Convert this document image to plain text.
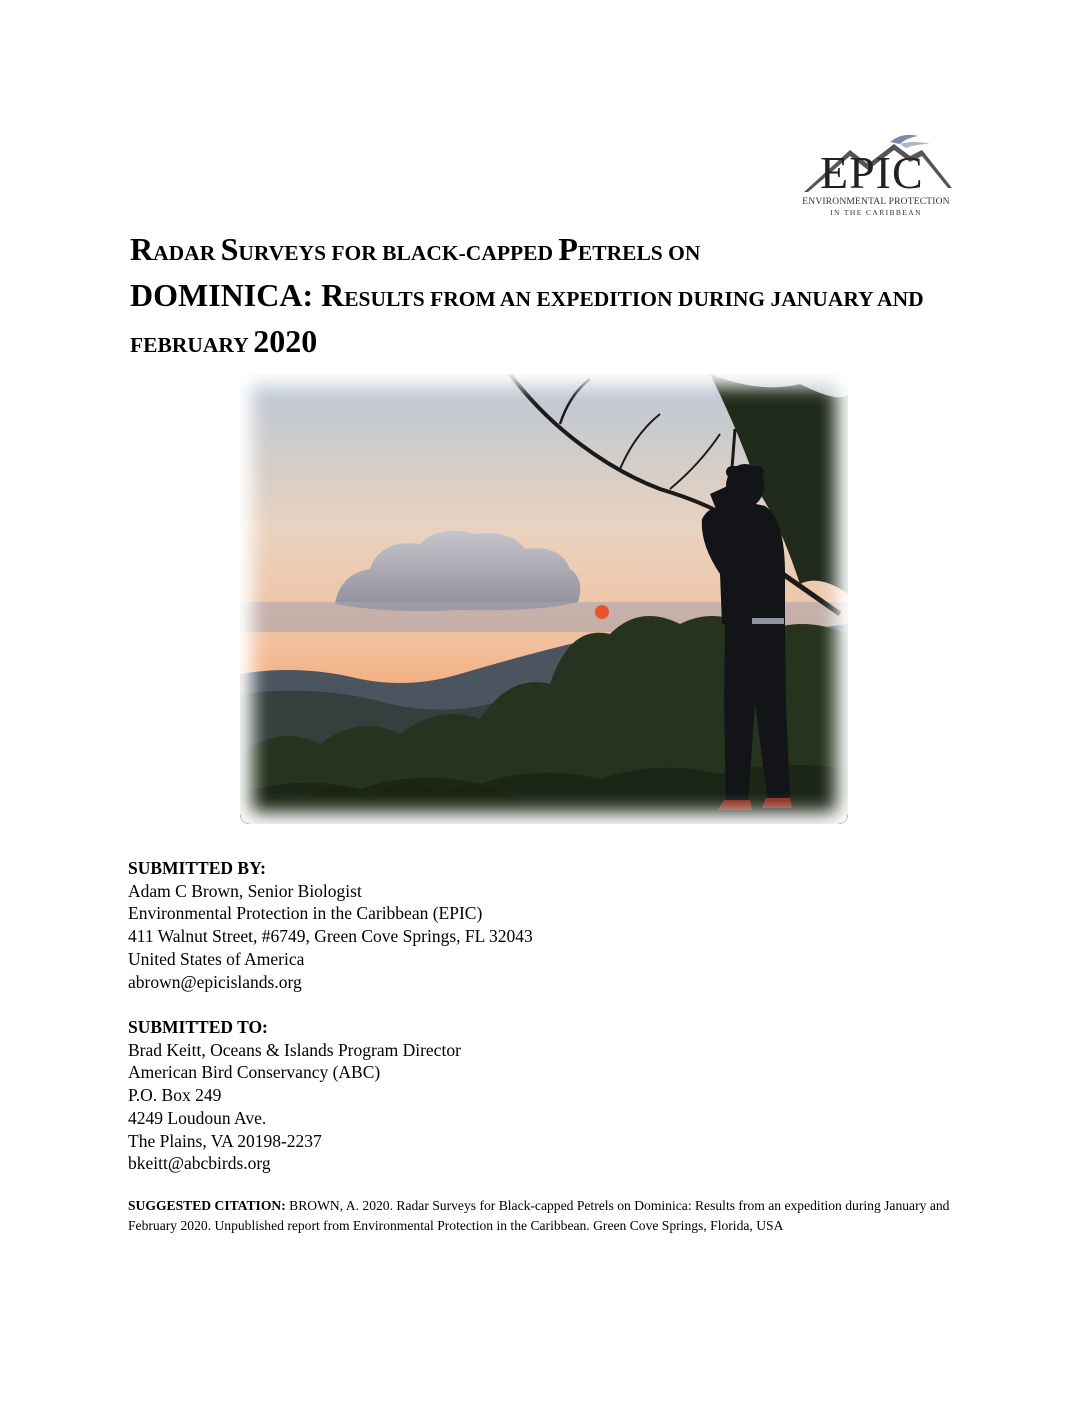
EPIC
ENVIRONMENTAL PROTECTION
IN THE CARIBBEAN
RADAR SURVEYS FOR BLACK-CAPPED PETRELS ON
DOMINICA: RESULTS FROM AN EXPEDITION DURING JANUARY AND
FEBRUARY 2020
SUBMITTED BY:
Adam C Brown, Senior Biologist
Environmental Protection in the Caribbean (EPIC)
411 Walnut Street, #6749, Green Cove Springs, FL 32043
United States of America
abrown@epicislands.org
SUBMITTED TO:
Brad Keitt, Oceans & Islands Program Director
American Bird Conservancy (ABC)
P.O. Box 249
4249 Loudoun Ave.
The Plains, VA 20198-2237
bkeitt@abcbirds.org
SUGGESTED CITATION: BROWN, A. 2020. Radar Surveys for Black-capped Petrels on Dominica: Results from an expedition during January and February 2020. Unpublished report from Environmental Protection in the Caribbean. Green Cove Springs, Florida, USA
